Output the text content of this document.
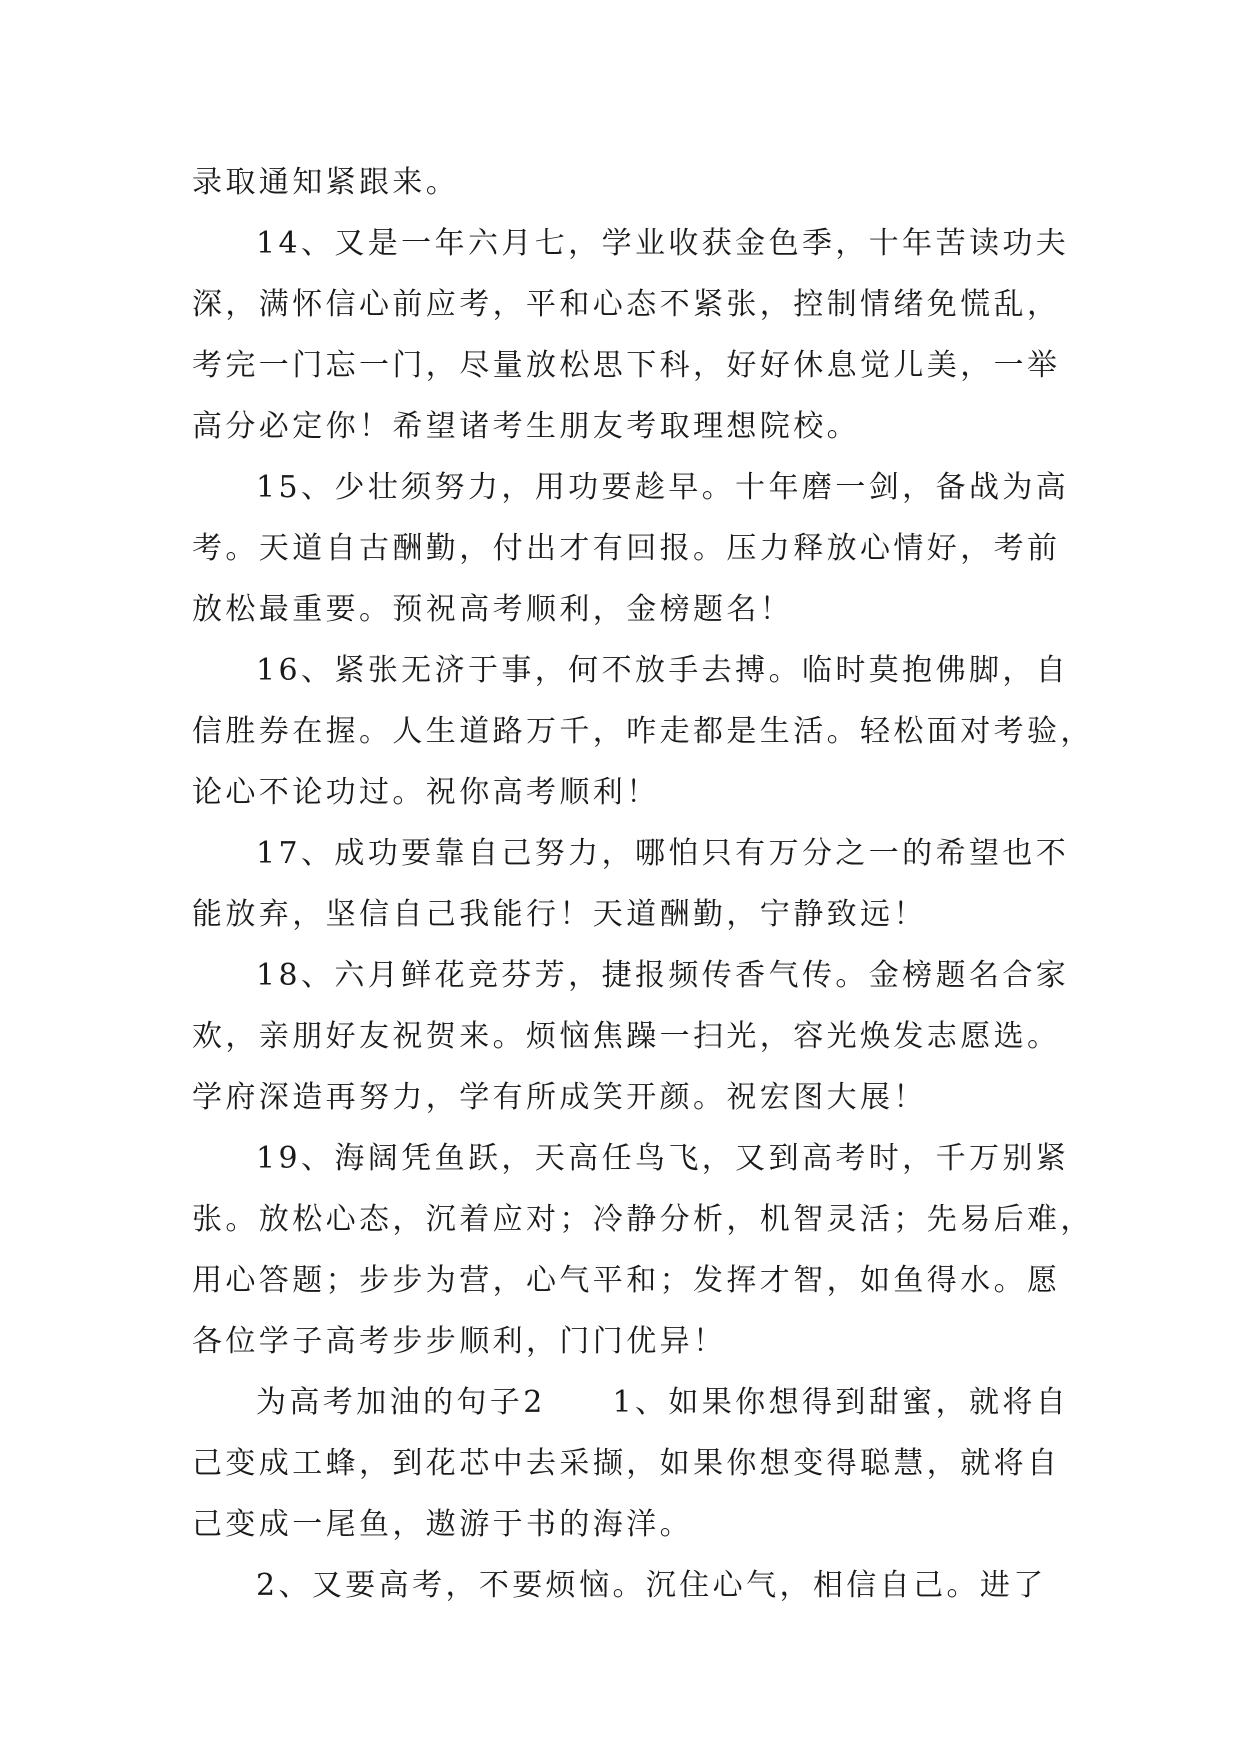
录取通知紧跟来。
14、又是一年六月七，学业收获金色季，十年苦读功夫
深，满怀信心前应考，平和心态不紧张，控制情绪免慌乱，
考完一门忘一门，尽量放松思下科，好好休息觉儿美，一举
高分必定你！希望诸考生朋友考取理想院校。
15、少壮须努力，用功要趁早。十年磨一剑，备战为高
考。天道自古酬勤，付出才有回报。压力释放心情好，考前
放松最重要。预祝高考顺利，金榜题名！
16、紧张无济于事，何不放手去搏。临时莫抱佛脚，自
信胜券在握。人生道路万千，咋走都是生活。轻松面对考验，
论心不论功过。祝你高考顺利！
17、成功要靠自己努力，哪怕只有万分之一的希望也不
能放弃，坚信自己我能行！天道酬勤，宁静致远！
18、六月鲜花竞芬芳，捷报频传香气传。金榜题名合家
欢，亲朋好友祝贺来。烦恼焦躁一扫光，容光焕发志愿选。
学府深造再努力，学有所成笑开颜。祝宏图大展！
19、海阔凭鱼跃，天高任鸟飞，又到高考时，千万别紧
张。放松心态，沉着应对；冷静分析，机智灵活；先易后难，
用心答题；步步为营，心气平和；发挥才智，如鱼得水。愿
各位学子高考步步顺利，门门优异！
为高考加油的句子2　　1、如果你想得到甜蜜，就将自
己变成工蜂，到花芯中去采撷，如果你想变得聪慧，就将自
己变成一尾鱼，遨游于书的海洋。
2、又要高考，不要烦恼。沉住心气，相信自己。进了
